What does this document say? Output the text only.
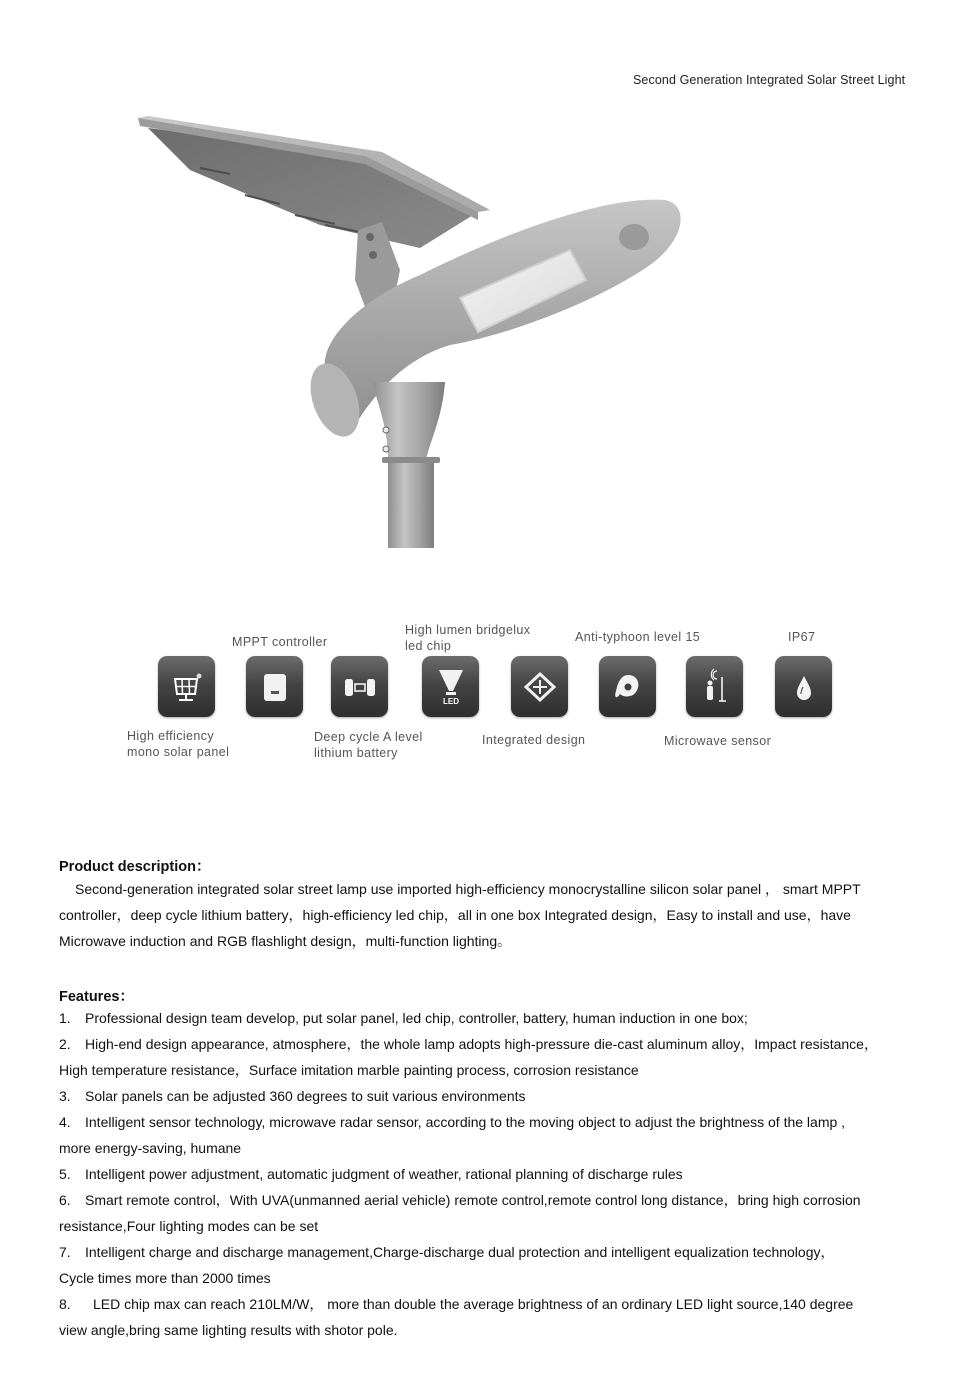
Second Generation Integrated Solar Street Light
MPPT controller
High lumen bridgelux
led chip
Anti-typhoon level 15	IP67
LED
High efficiency
mono solar panel
Deep cycle A level
lithium battery
Integrated design	Microwave sensor
Product description：
Second-generation integrated solar street lamp use imported high-efficiency monocrystalline silicon solar panel ， smart MPPT
controller，deep cycle lithium battery，high-efficiency led chip，all in one box Integrated design，Easy to install and use，have
Microwave induction and RGB flashlight design，multi-function lighting。
Features：
1. Professional design team develop, put solar panel, led chip, controller, battery, human induction in one box;
2. High-end design appearance, atmosphere，the whole lamp adopts high-pressure die-cast aluminum alloy，Impact resistance，
High temperature resistance，Surface imitation marble painting process, corrosion resistance
3. Solar panels can be adjusted 360 degrees to suit various environments
4. Intelligent sensor technology, microwave radar sensor, according to the moving object to adjust the brightness of the lamp ,
more energy-saving, humane
5. Intelligent power adjustment, automatic judgment of weather, rational planning of discharge rules
6. Smart remote control，With UVA(unmanned aerial vehicle) remote control,remote control long distance，bring high corrosion
resistance,Four lighting modes can be set
7. Intelligent charge and discharge management,Charge-discharge dual protection and intelligent equalization technology，
Cycle times more than 2000 times
8. LED chip max can reach 210LM/W， more than double the average brightness of an ordinary LED light source,140 degree
view angle,bring same lighting results with shotor pole.
